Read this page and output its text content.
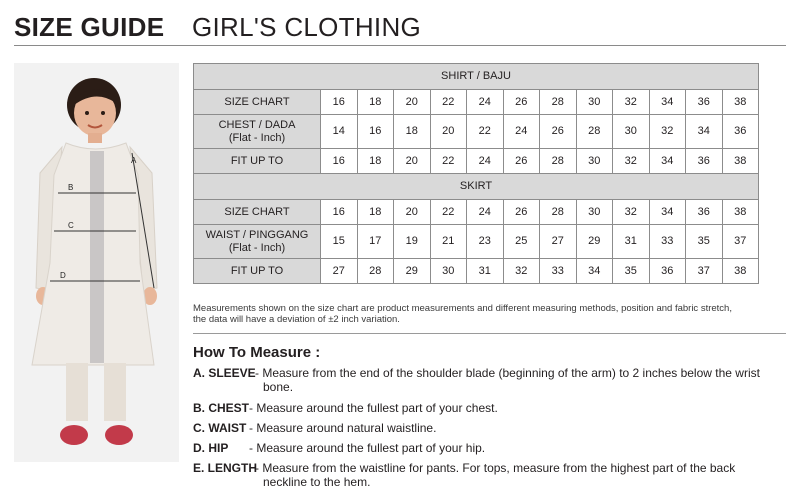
SIZE GUIDE GIRL'S CLOTHING
B
C
D
A
SHIRT / BAJU												
SIZE CHART	16	18	20	22	24	26	28	30	32	34	36	38

CHEST / DADA
(Flat - Inch)	14	16	18	20	22	24	26	28	30	32	34	36
FIT UP TO	16	18	20	22	24	26	28	30	32	34	36	38
SKIRT												
SIZE CHART	16	18	20	22	24	26	28	30	32	34	36	38

WAIST / PINGGANG
(Flat - Inch)	15	17	19	21	23	25	27	29	31	33	35	37
FIT UP TO	27	28	29	30	31	32	33	34	35	36	37	38
Measurements shown on the size chart are product measurements and different measuring methods, position and fabric stretch,
the data will have a deviation of ±2 inch variation.
How To Measure :
A. SLEEVE - Measure from the end of the shoulder blade (beginning of the arm) to 2 inches below the wrist
bone.
B. CHEST - Measure around the fullest part of your chest.
C. WAIST - Measure around natural waistline.
D. HIP - Measure around the fullest part of your hip.
E. LENGTH
- Measure from the waistline for pants. For tops, measure from the highest part of the back
neckline to the hem.
